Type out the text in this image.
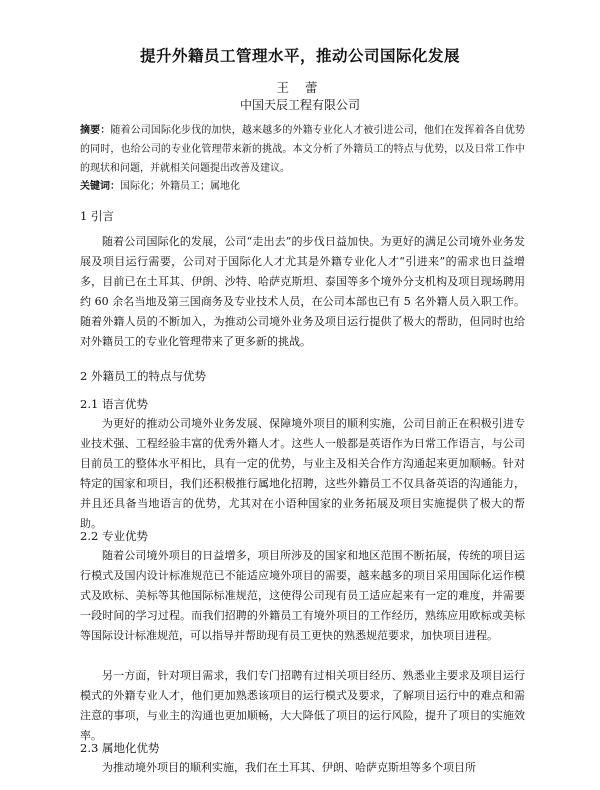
提升外籍员工管理水平，推动公司国际化发展
王 蕾
中国天辰工程有限公司
摘要：随着公司国际化步伐的加快，越来越多的外籍专业化人才被引进公司，他们在发挥着各自优势的同时，也给公司的专业化管理带来新的挑战。本文分析了外籍员工的特点与优势，以及日常工作中的现状和问题，并就相关问题提出改善及建议。
关键词：国际化；外籍员工；属地化
1 引言
随着公司国际化的发展，公司“走出去”的步伐日益加快。为更好的满足公司境外业务发展及项目运行需要，公司对于国际化人才尤其是外籍专业化人才“引进来”的需求也日益增多，目前已在土耳其、伊朗、沙特、哈萨克斯坦、泰国等多个境外分支机构及项目现场聘用约 60 余名当地及第三国商务及专业技术人员，在公司本部也已有 5 名外籍人员入职工作。随着外籍人员的不断加入，为推动公司境外业务及项目运行提供了极大的帮助，但同时也给对外籍员工的专业化管理带来了更多新的挑战。
2 外籍员工的特点与优势
2.1 语言优势
为更好的推动公司境外业务发展、保障境外项目的顺利实施，公司目前正在积极引进专业技术强、工程经验丰富的优秀外籍人才。这些人一般都是英语作为日常工作语言，与公司目前员工的整体水平相比，具有一定的优势，与业主及相关合作方沟通起来更加顺畅。针对特定的国家和项目，我们还积极推行属地化招聘，这些外籍员工不仅具备英语的沟通能力，并且还具备当地语言的优势，尤其对在小语种国家的业务拓展及项目实施提供了极大的帮助。
2.2 专业优势
随着公司境外项目的日益增多，项目所涉及的国家和地区范围不断拓展，传统的项目运行模式及国内设计标准规范已不能适应境外项目的需要，越来越多的项目采用国际化运作模式及欧标、美标等其他国际标准规范，这使得公司现有员工适应起来有一定的难度，并需要一段时间的学习过程。而我们招聘的外籍员工有境外项目的工作经历，熟练应用欧标或美标等国际设计标准规范，可以指导并帮助现有员工更快的熟悉规范要求，加快项目进程。
另一方面，针对项目需求，我们专门招聘有过相关项目经历、熟悉业主要求及项目运行模式的外籍专业人才，他们更加熟悉该项目的运行模式及要求，了解项目运行中的难点和需注意的事项，与业主的沟通也更加顺畅，大大降低了项目的运行风险，提升了项目的实施效率。
2.3 属地化优势
为推动境外项目的顺利实施，我们在土耳其、伊朗、哈萨克斯坦等多个项目所
